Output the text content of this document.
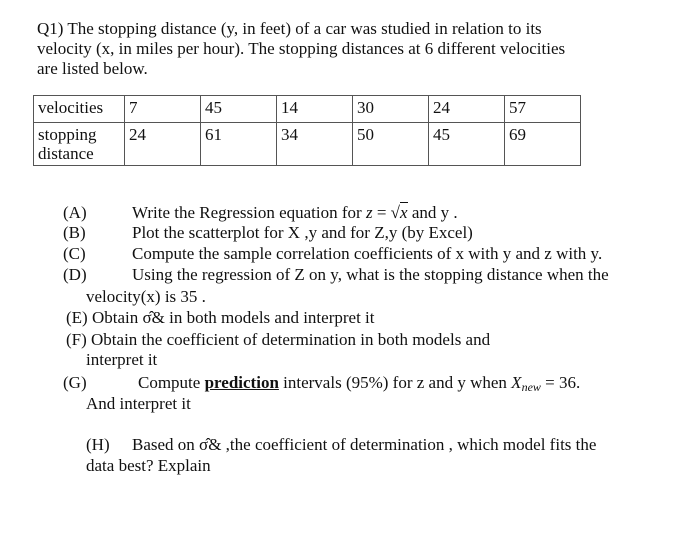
Q1) The stopping distance (y, in feet) of a car was studied in relation to its

velocity (x, in miles per hour). The stopping distances at 6 different velocities

are listed below.

velocities	7	45	14	30	24	57

stopping
distance	24	61	34	50	45	69
(A)	Write the Regression equation for z = √x and y .
(B)	Plot the scatterplot for X ,y and for Z,y (by Excel)
(C)	Compute the sample correlation coefficients of x with y and z with y.
(D)	Using the regression of Z on y, what is the stopping distance when the
velocity(x) is 35 .
(E) Obtain σ̂& in both models and interpret it
(F) Obtain the coefficient of determination in both models and
interpret it
(G)	Compute prediction intervals (95%) for z and y when $X_{new} = 36$.
And interpret it
(H) Based on σ̂& ,the coefficient of determination , which model fits the
data best? Explain
